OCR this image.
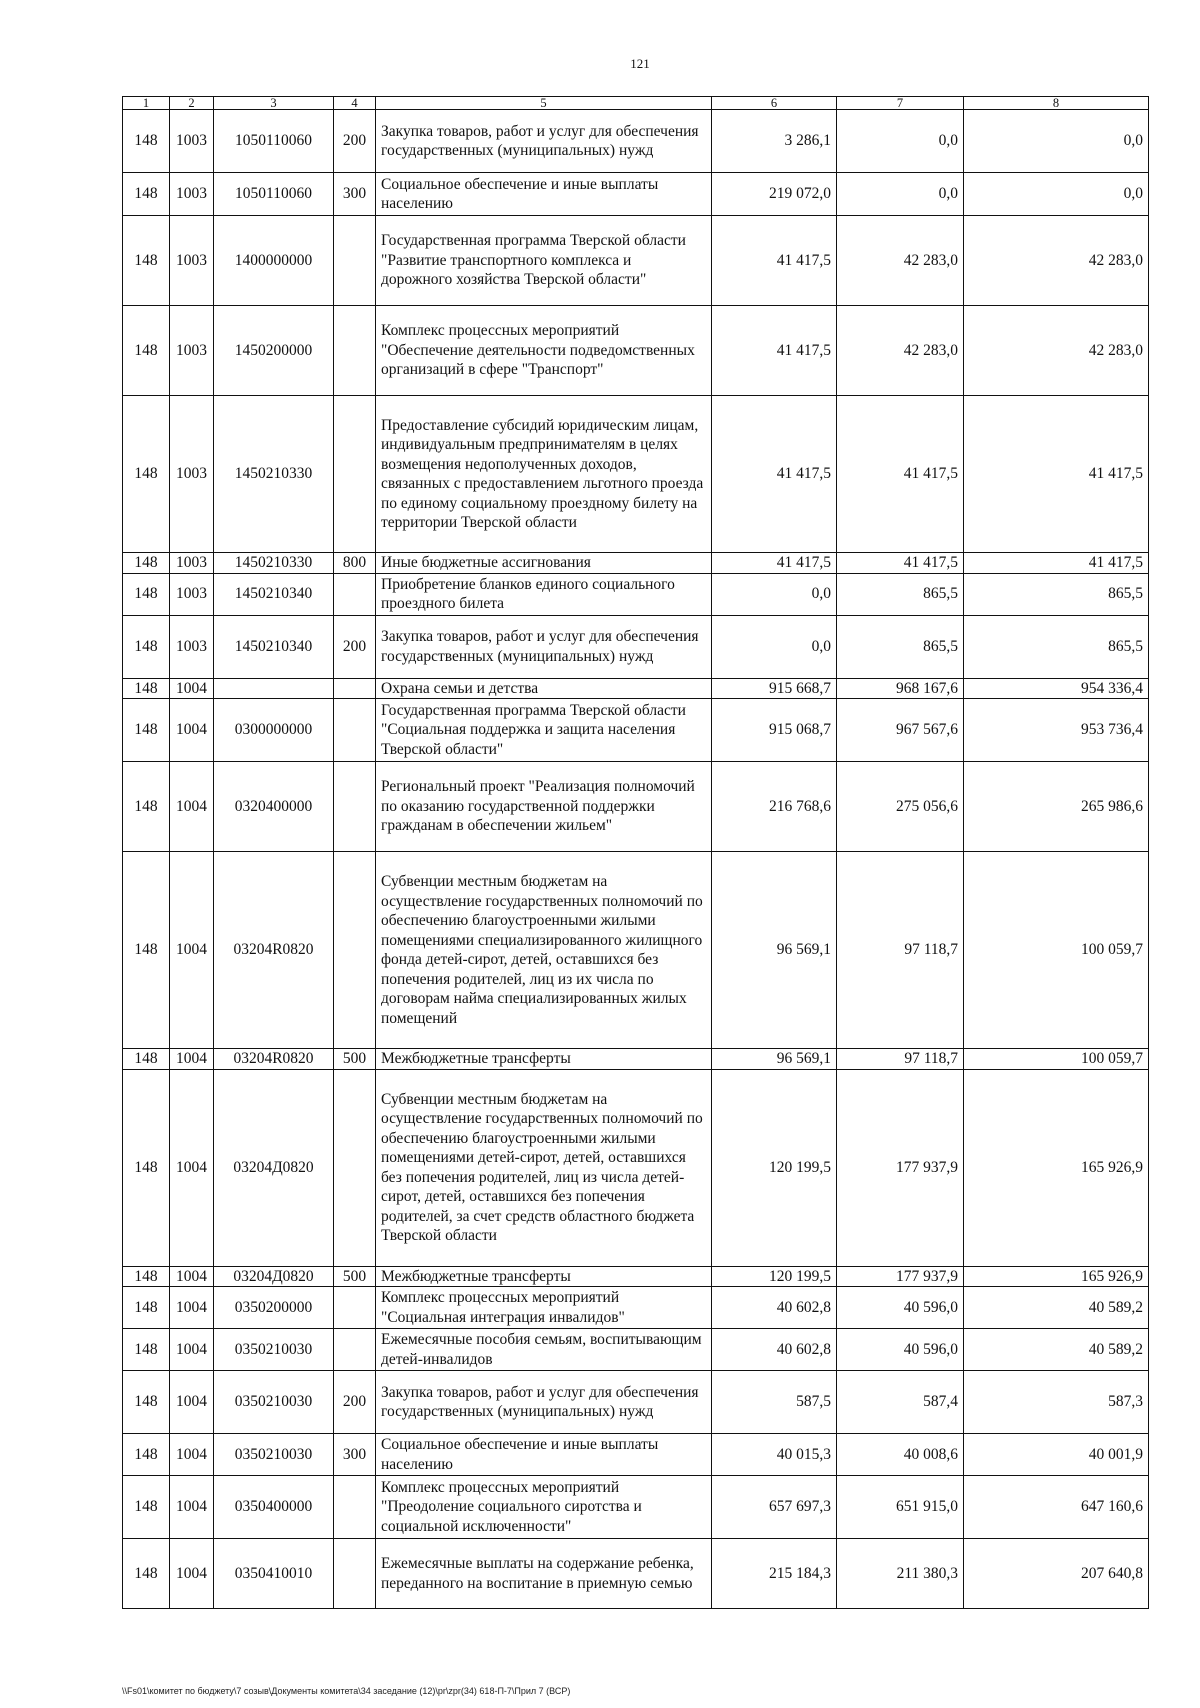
121
1	2	3	4	5	6	7	8
148	1003	1050110060	200	Закупка товаров, работ и услуг для обеспечения государственных (муниципальных) нужд	3 286,1	0,0	0,0
148	1003	1050110060	300	Социальное обеспечение и иные выплаты населению	219 072,0	0,0	0,0
148	1003	1400000000		Государственная программа Тверской области "Развитие транспортного комплекса и дорожного хозяйства Тверской области"	41 417,5	42 283,0	42 283,0
148	1003	1450200000		Комплекс процессных мероприятий "Обеспечение деятельности подведомственных организаций в сфере "Транспорт"	41 417,5	42 283,0	42 283,0
148	1003	1450210330		Предоставление субсидий юридическим лицам, индивидуальным предпринимателям в целях возмещения недополученных доходов, связанных с предоставлением льготного проезда по единому социальному проездному билету на территории Тверской области	41 417,5	41 417,5	41 417,5
148	1003	1450210330	800	Иные бюджетные ассигнования	41 417,5	41 417,5	41 417,5
148	1003	1450210340		Приобретение бланков единого социального проездного билета	0,0	865,5	865,5
148	1003	1450210340	200	Закупка товаров, работ и услуг для обеспечения государственных (муниципальных) нужд	0,0	865,5	865,5
148	1004			Охрана семьи и детства	915 668,7	968 167,6	954 336,4
148	1004	0300000000		Государственная программа Тверской области "Социальная поддержка и защита населения Тверской области"	915 068,7	967 567,6	953 736,4
148	1004	0320400000		Региональный проект "Реализация полномочий по оказанию государственной поддержки гражданам в обеспечении жильем"	216 768,6	275 056,6	265 986,6
148	1004	03204R0820		Субвенции местным бюджетам на осуществление государственных полномочий по обеспечению благоустроенными жилыми помещениями специализированного жилищного фонда детей-сирот, детей, оставшихся без попечения родителей, лиц из их числа по договорам найма специализированных жилых помещений	96 569,1	97 118,7	100 059,7
148	1004	03204R0820	500	Межбюджетные трансферты	96 569,1	97 118,7	100 059,7
148	1004	03204Д0820		Субвенции местным бюджетам на осуществление государственных полномочий по обеспечению благоустроенными жилыми помещениями детей-сирот, детей, оставшихся без попечения родителей, лиц из числа детей-сирот, детей, оставшихся без попечения родителей, за счет средств областного бюджета Тверской области	120 199,5	177 937,9	165 926,9
148	1004	03204Д0820	500	Межбюджетные трансферты	120 199,5	177 937,9	165 926,9
148	1004	0350200000		Комплекс процессных мероприятий "Социальная интеграция инвалидов"	40 602,8	40 596,0	40 589,2
148	1004	0350210030		Ежемесячные пособия семьям, воспитывающим детей-инвалидов	40 602,8	40 596,0	40 589,2
148	1004	0350210030	200	Закупка товаров, работ и услуг для обеспечения государственных (муниципальных) нужд	587,5	587,4	587,3
148	1004	0350210030	300	Социальное обеспечение и иные выплаты населению	40 015,3	40 008,6	40 001,9
148	1004	0350400000		Комплекс процессных мероприятий "Преодоление социального сиротства и социальной исключенности"	657 697,3	651 915,0	647 160,6
148	1004	0350410010		Ежемесячные выплаты на содержание ребенка, переданного на воспитание в приемную семью	215 184,3	211 380,3	207 640,8
\\Fs01\комитет по бюджету\7 созыв\Документы комитета\34 заседание (12)\pr\zpr(34) 618-П-7\Прил 7 (ВСР)
